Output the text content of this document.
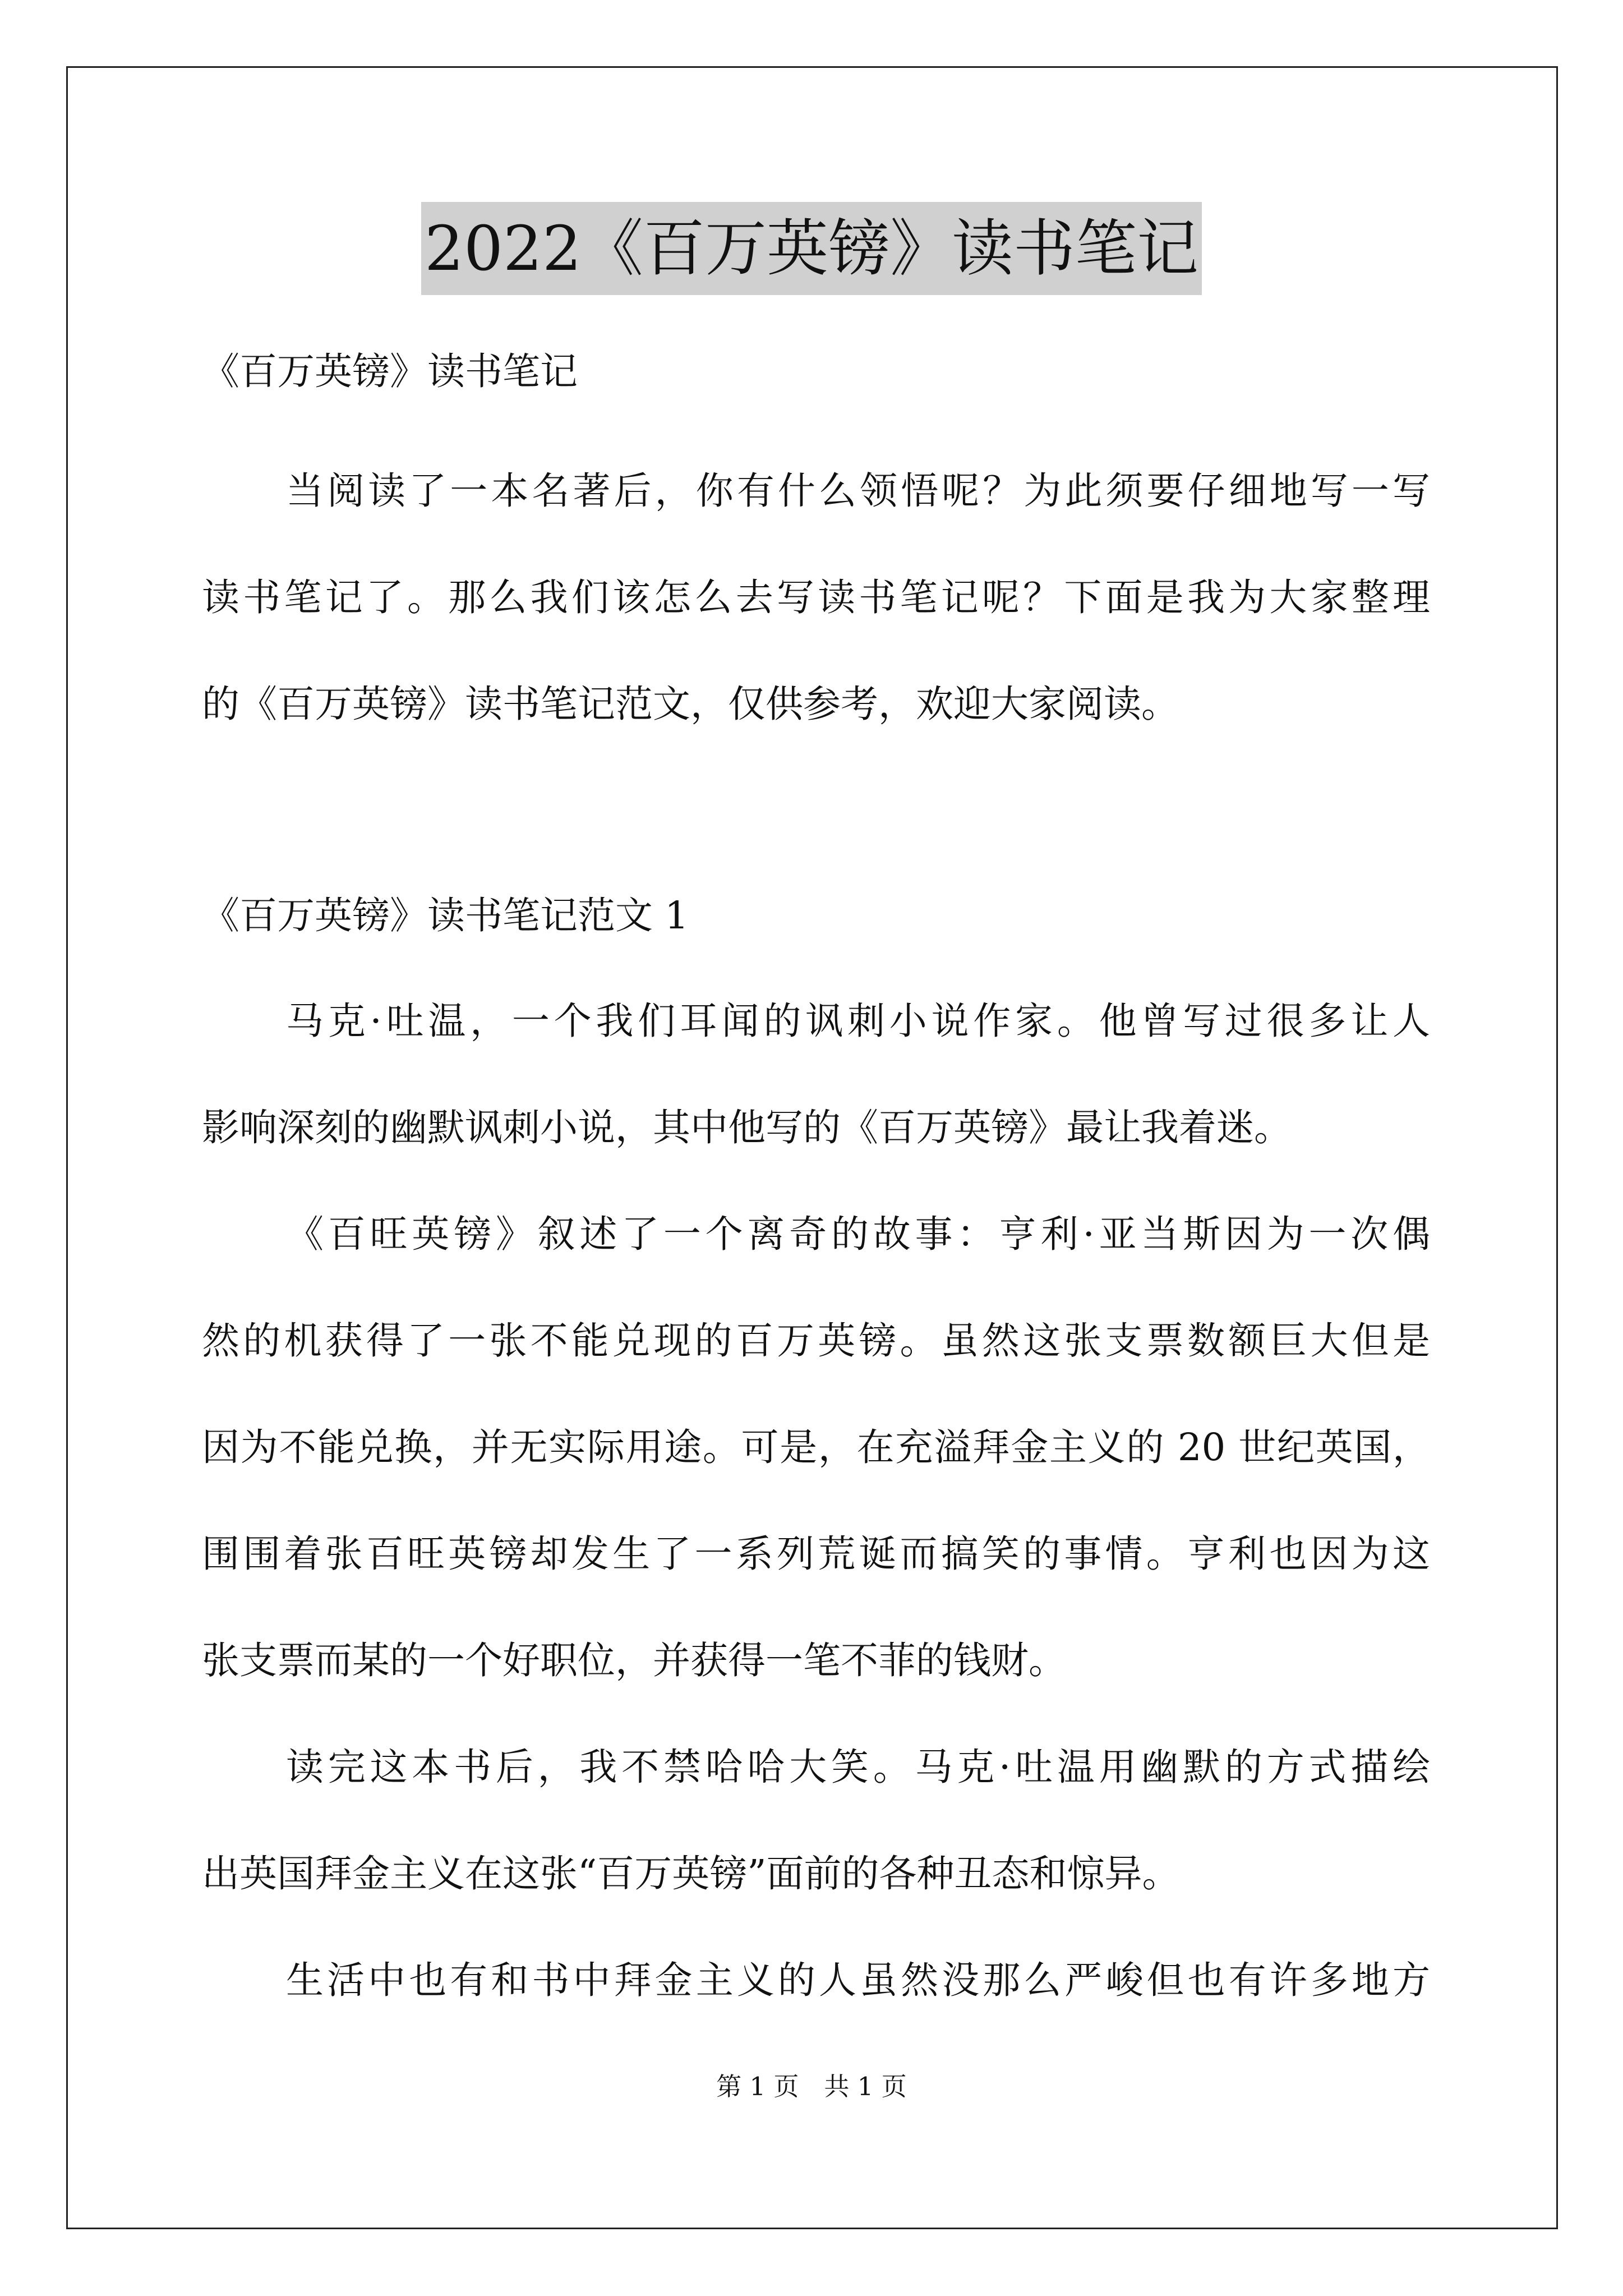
2022《百万英镑》读书笔记
《百万英镑》读书笔记
当阅读了一本名著后，你有什么领悟呢？为此须要仔细地写一写
读书笔记了。那么我们该怎么去写读书笔记呢？下面是我为大家整理
的《百万英镑》读书笔记范文，仅供参考，欢迎大家阅读。
《百万英镑》读书笔记范文 1
马克·吐温，一个我们耳闻的讽刺小说作家。他曾写过很多让人
影响深刻的幽默讽刺小说，其中他写的《百万英镑》最让我着迷。
《百旺英镑》叙述了一个离奇的故事：亨利·亚当斯因为一次偶
然的机获得了一张不能兑现的百万英镑。虽然这张支票数额巨大但是
因为不能兑换，并无实际用途。可是，在充溢拜金主义的 20 世纪英国，
围围着张百旺英镑却发生了一系列荒诞而搞笑的事情。亨利也因为这
张支票而某的一个好职位，并获得一笔不菲的钱财。
读完这本书后，我不禁哈哈大笑。马克·吐温用幽默的方式描绘
出英国拜金主义在这张“百万英镑”面前的各种丑态和惊异。
生活中也有和书中拜金主义的人虽然没那么严峻但也有许多地方
第 1 页　共 1 页
